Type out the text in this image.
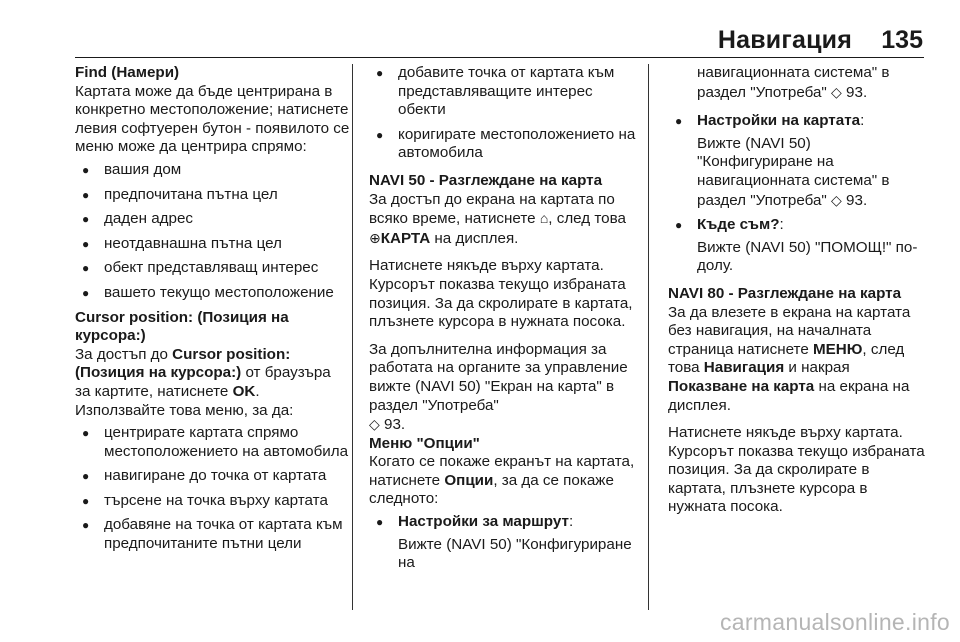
Навигация 135

Find (Намери)

Картата може да бъде центрирана в конкретно местоположение; натиснете левия софтуерен бутон - появилото се меню може да центрира спрямо:

● вашия дом
● предпочитана пътна цел
● даден адрес
● неотдавнашна пътна цел
● обект представляващ интерес
● вашето текущо местоположение

Cursor position: (Позиция на курсора:)

За достъп до Cursor position: (Позиция на курсора:) от браузъра за картите, натиснете OK.

Използвайте това меню, за да:

● центрирате картата спрямо местоположението на автомобила
● навигиране до точка от картата
● търсене на точка върху картата
● добавяне на точка от картата към предпочитаните пътни цели
● добавите точка от картата към представляващите интерес обекти
● коригирате местоположението на автомобила

NAVI 50 - Разглеждане на карта

За достъп до екрана на картата по всяко време, натиснете ⌂, след това ⊕КАРТА на дисплея.

Натиснете някъде върху картата. Курсорът показва текущо избраната позиция. За да скролирате в картата, плъзнете курсора в нужната посока.

За допълнителна информация за работата на органите за управление вижте (NAVI 50) "Екран на карта" в раздел "Употреба"
◇ 93.

Меню "Опции"

Когато се покаже екранът на картата, натиснете Опции, за да се покаже следното:

● Настройки за маршрут:
Вижте (NAVI 50) "Конфигуриране на

навигационната система" в раздел "Употреба" ◇ 93.

● Настройки на картата:
Вижте (NAVI 50) "Конфигуриране на навигационната система" в раздел "Употреба" ◇ 93.
● Къде съм?:
Вижте (NAVI 50) "ПОМОЩ!" по-долу.

NAVI 80 - Разглеждане на карта

За да влезете в екрана на картата без навигация, на началната страница натиснете МЕНЮ, след това Навигация и накрая Показване на карта на екрана на дисплея.

Натиснете някъде върху картата. Курсорът показва текущо избраната позиция. За да скролирате в картата, плъзнете курсора в нужната посока.

carmanualsonline.info
